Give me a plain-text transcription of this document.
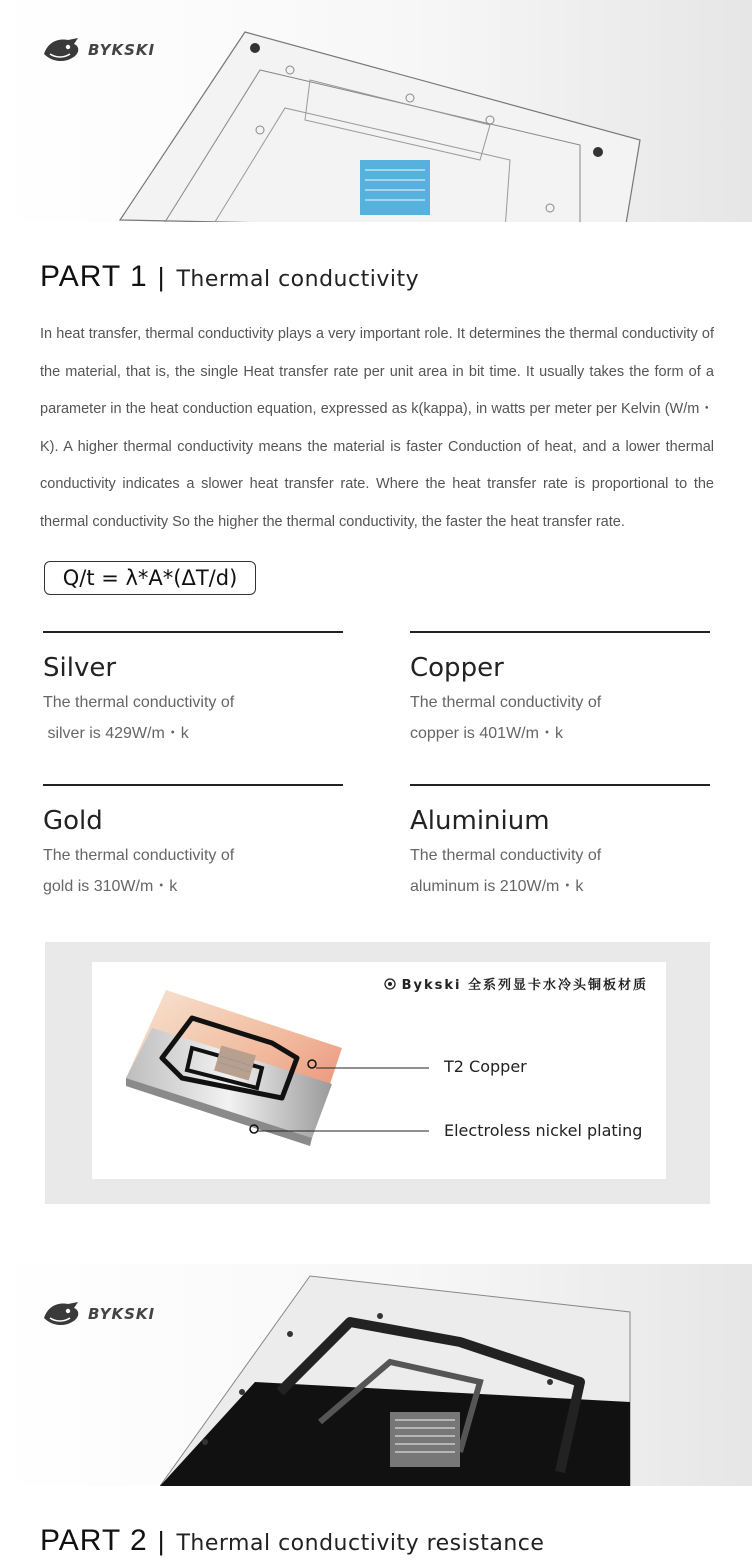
BYKSKI
PART 1 | Thermal conductivity

In heat transfer, thermal conductivity plays a very important role. It determines the thermal conductivity of the material, that is, the single Heat transfer rate per unit area in bit time. It usually takes the form of a parameter in the heat conduction equation, expressed as k(kappa), in watts per meter per Kelvin (W/m・K). A higher thermal conductivity means the material is faster Conduction of heat, and a lower thermal conductivity indicates a slower heat transfer rate. Where the heat transfer rate is proportional to the thermal conductivity So the higher the thermal conductivity, the faster the heat transfer rate.

Q/t = λ*A*(ΔT/d)
Silver
The thermal conductivity of
silver is 429W/m・k
Copper
The thermal conductivity of
copper is 401W/m・k
Gold
The thermal conductivity of
gold is 310W/m・k
Aluminium
The thermal conductivity of
aluminum is 210W/m・k
Bykski 全系列显卡水冷头铜板材质
T2 Copper
Electroless nickel plating
BYKSKI
PART 2 | Thermal conductivity resistance
